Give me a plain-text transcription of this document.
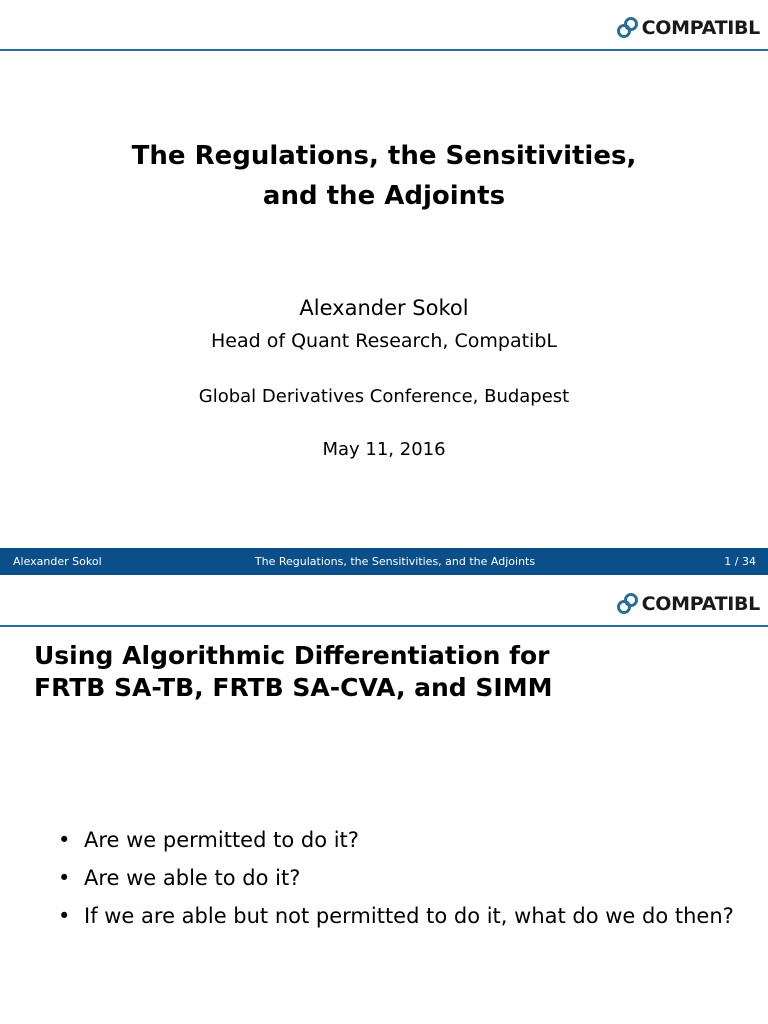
COMPATIBL
The Regulations, the Sensitivities,
and the Adjoints
Alexander Sokol
Head of Quant Research, CompatibL
Global Derivatives Conference, Budapest
May 11, 2016
Alexander Sokol	The Regulations, the Sensitivities, and the Adjoints	1 / 34
COMPATIBL
Using Algorithmic Differentiation for
FRTB SA-TB, FRTB SA-CVA, and SIMM
• Are we permitted to do it?
• Are we able to do it?
• If we are able but not permitted to do it, what do we do then?
